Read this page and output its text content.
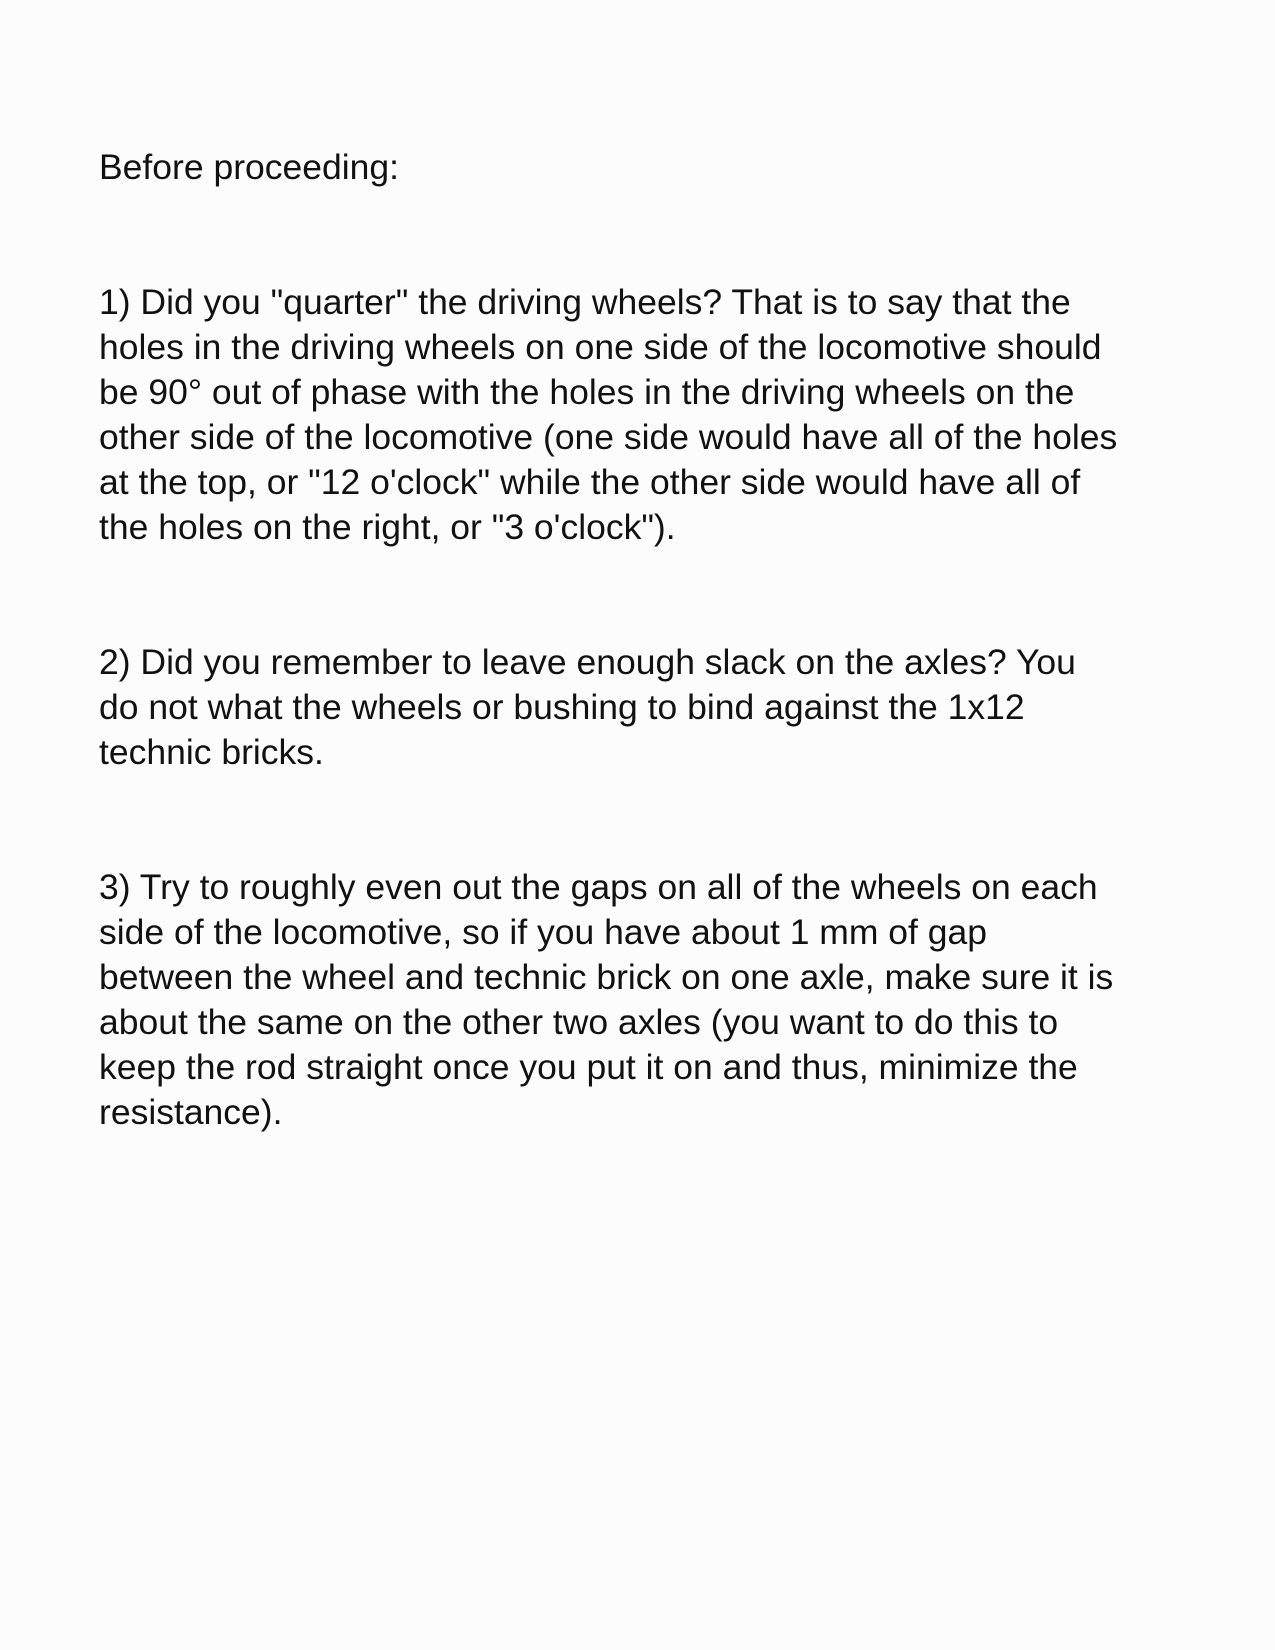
Before proceeding:

1) Did you "quarter" the driving wheels? That is to say that the
holes in the driving wheels on one side of the locomotive should
be 90° out of phase with the holes in the driving wheels on the
other side of the locomotive (one side would have all of the holes
at the top, or "12 o'clock" while the other side would have all of
the holes on the right, or "3 o'clock").

2) Did you remember to leave enough slack on the axles? You
do not what the wheels or bushing to bind against the 1x12
technic bricks.

3) Try to roughly even out the gaps on all of the wheels on each
side of the locomotive, so if you have about 1 mm of gap
between the wheel and technic brick on one axle, make sure it is
about the same on the other two axles (you want to do this to
keep the rod straight once you put it on and thus, minimize the
resistance).
